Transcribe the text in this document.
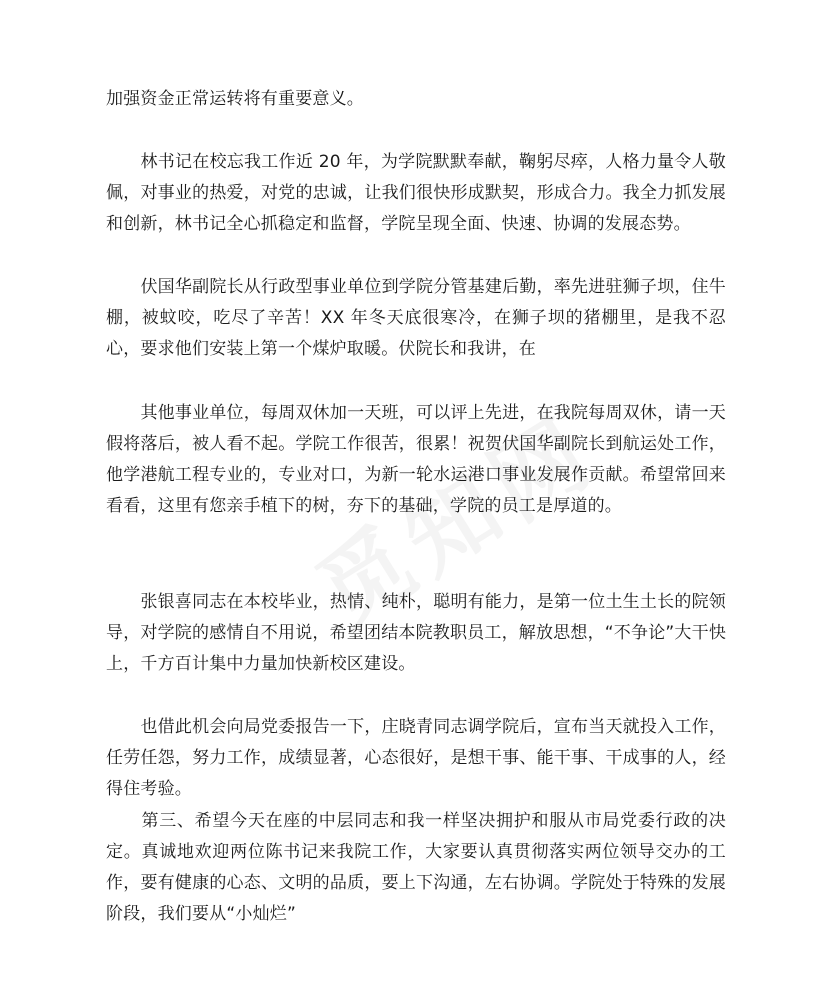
加强资金正常运转将有重要意义。

　　林书记在校忘我工作近 20 年，为学院默默奉献，鞠躬尽瘁，人格力量令人敬佩，对事业的热爱，对党的忠诚，让我们很快形成默契，形成合力。我全力抓发展和创新，林书记全心抓稳定和监督，学院呈现全面、快速、协调的发展态势。

　　伏国华副院长从行政型事业单位到学院分管基建后勤，率先进驻狮子坝，住牛棚，被蚊咬，吃尽了辛苦！XX 年冬天底很寒冷，在狮子坝的猪棚里，是我不忍心，要求他们安装上第一个煤炉取暖。伏院长和我讲，在

　　其他事业单位，每周双休加一天班，可以评上先进，在我院每周双休，请一天假将落后，被人看不起。学院工作很苦，很累！祝贺伏国华副院长到航运处工作，他学港航工程专业的，专业对口，为新一轮水运港口事业发展作贡献。希望常回来看看，这里有您亲手植下的树，夯下的基础，学院的员工是厚道的。

　　张银喜同志在本校毕业，热情、纯朴，聪明有能力，是第一位土生土长的院领导，对学院的感情自不用说，希望团结本院教职员工，解放思想，“不争论”大干快上，千方百计集中力量加快新校区建设。

　　也借此机会向局党委报告一下，庄晓青同志调学院后，宣布当天就投入工作，任劳任怨，努力工作，成绩显著，心态很好，是想干事、能干事、干成事的人，经得住考验。

　　第三、希望今天在座的中层同志和我一样坚决拥护和服从市局党委行政的决定。真诚地欢迎两位陈书记来我院工作，大家要认真贯彻落实两位领导交办的工作，要有健康的心态、文明的品质，要上下沟通，左右协调。学院处于特殊的发展阶段，我们要从“小灿烂”
